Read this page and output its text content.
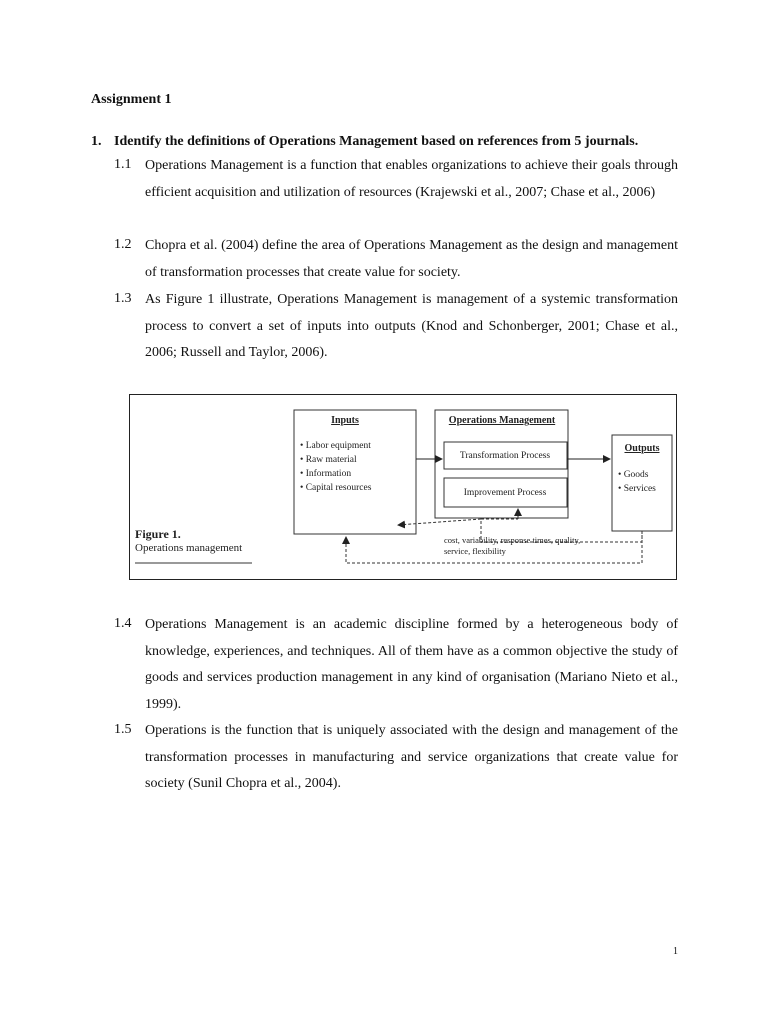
Assignment 1
1. Identify the definitions of Operations Management based on references from 5 journals.
1.1 Operations Management is a function that enables organizations to achieve their goals through efficient acquisition and utilization of resources (Krajewski et al., 2007; Chase et al., 2006)
1.2 Chopra et al. (2004) define the area of Operations Management as the design and management of transformation processes that create value for society.
1.3 As Figure 1 illustrate, Operations Management is management of a systemic transformation process to convert a set of inputs into outputs (Knod and Schonberger, 2001; Chase et al., 2006; Russell and Taylor, 2006).
Inputs
• Labor equipment
• Raw material
• Information
• Capital resources
Operations Management
Transformation Process
Improvement Process
Outputs
• Goods
• Services
cost, variability, response times, quality,
service, flexibility
Figure 1.
Operations management
1.4 Operations Management is an academic discipline formed by a heterogeneous body of knowledge, experiences, and techniques. All of them have as a common objective the study of goods and services production management in any kind of organisation (Mariano Nieto et al., 1999).
1.5 Operations is the function that is uniquely associated with the design and management of the transformation processes in manufacturing and service organizations that create value for society (Sunil Chopra et al., 2004).
1
